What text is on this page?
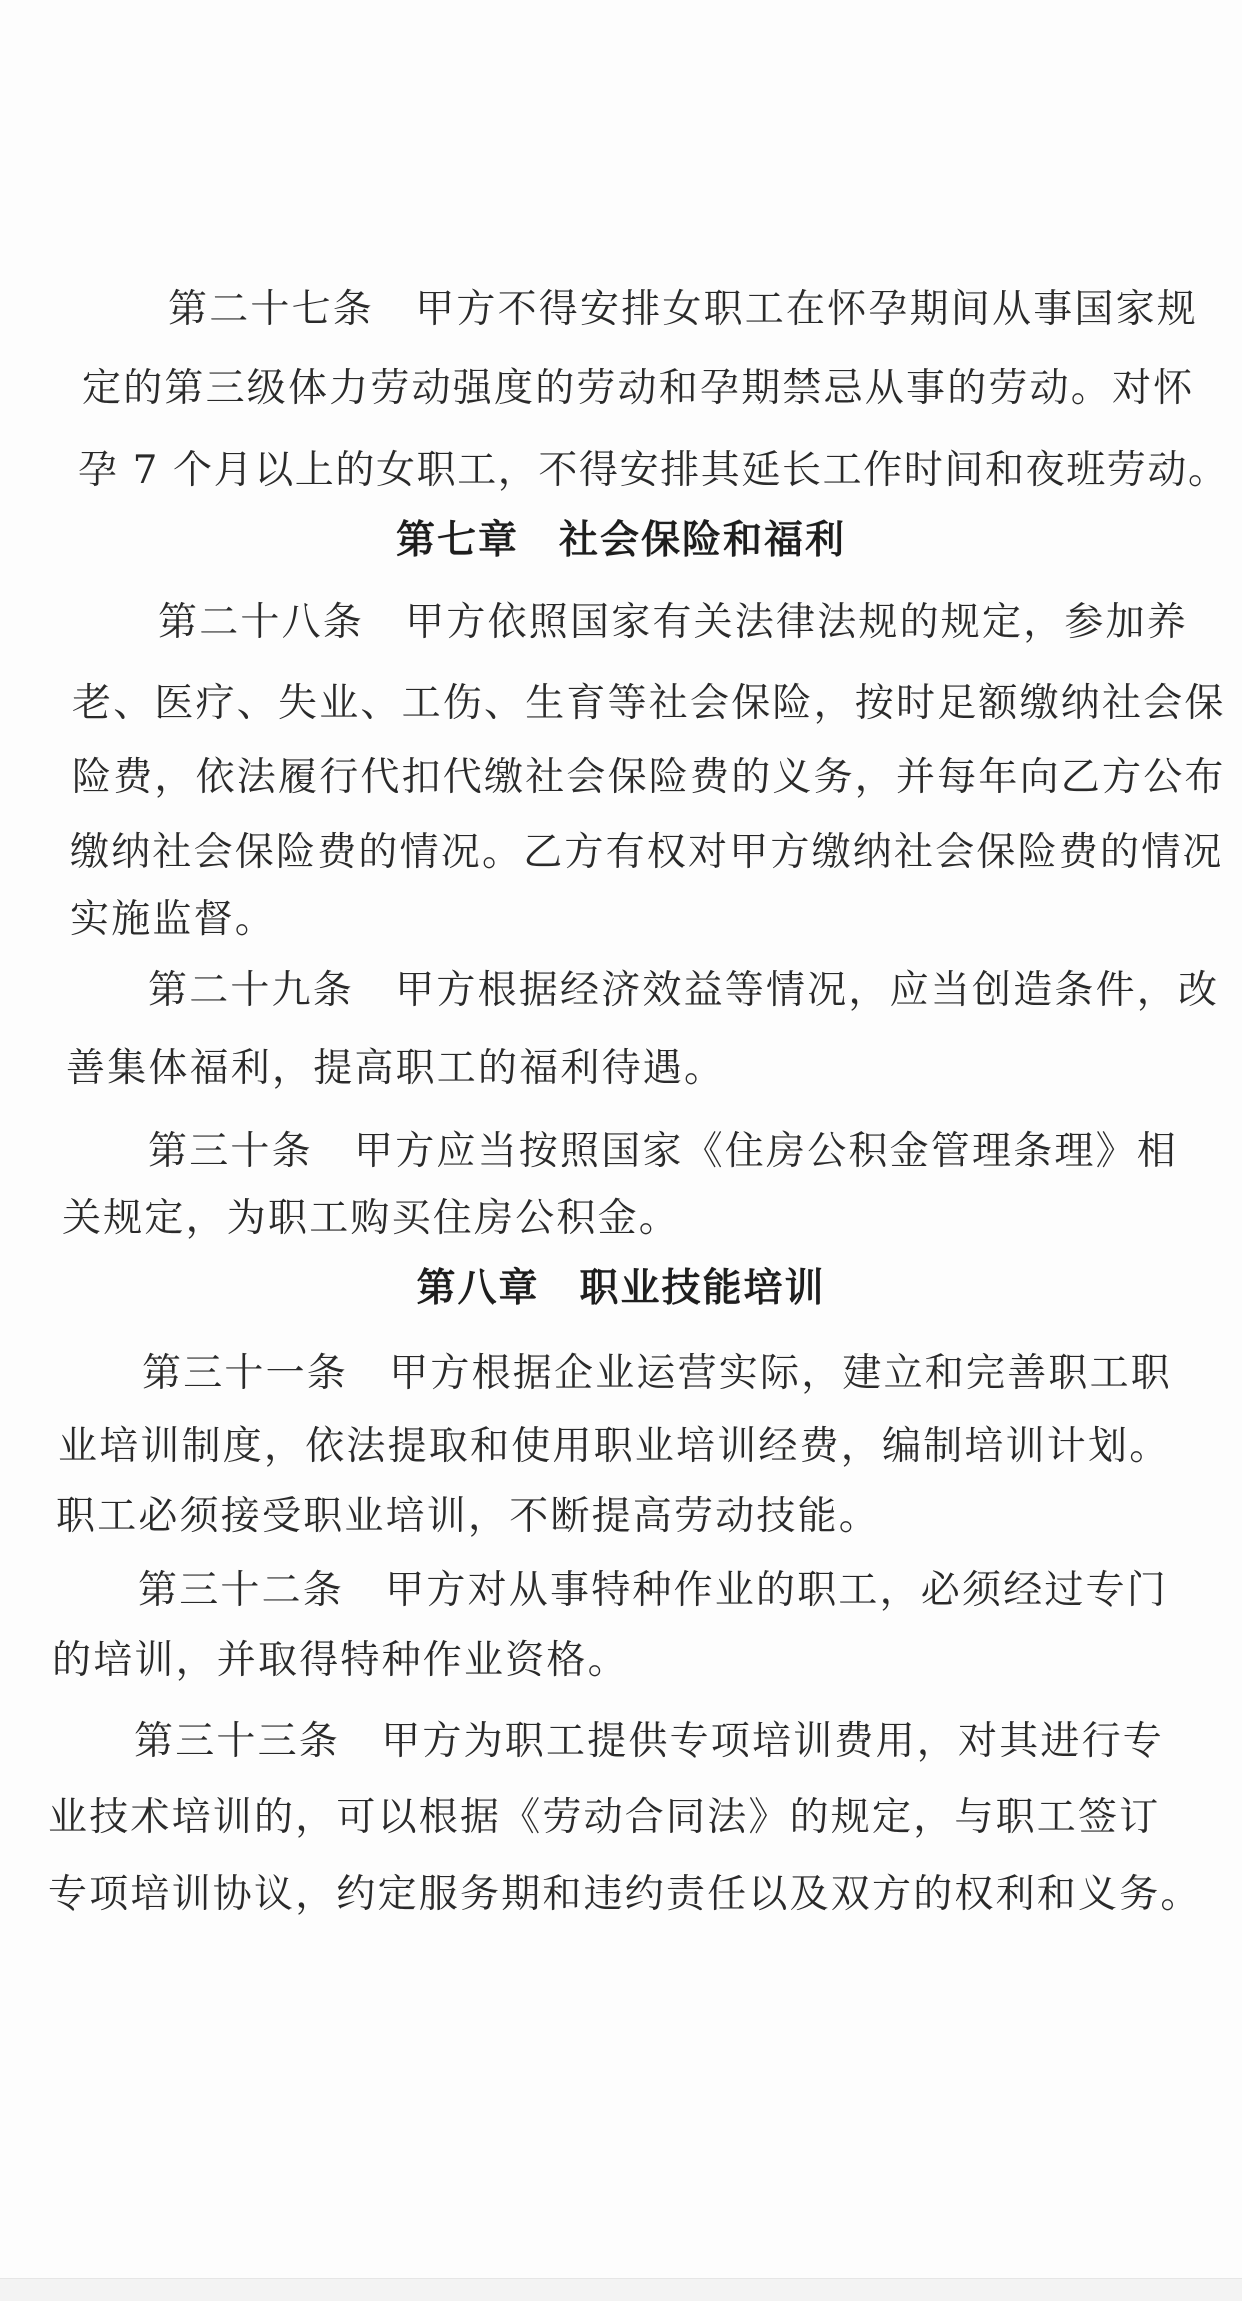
第二十七条　甲方不得安排女职工在怀孕期间从事国家规
定的第三级体力劳动强度的劳动和孕期禁忌从事的劳动。对怀
孕 7 个月以上的女职工，不得安排其延长工作时间和夜班劳动。
第七章 社会保险和福利
第二十八条　甲方依照国家有关法律法规的规定，参加养
老、医疗、失业、工伤、生育等社会保险，按时足额缴纳社会保
险费，依法履行代扣代缴社会保险费的义务，并每年向乙方公布
缴纳社会保险费的情况。乙方有权对甲方缴纳社会保险费的情况
实施监督。
第二十九条　甲方根据经济效益等情况，应当创造条件，改
善集体福利，提高职工的福利待遇。
第三十条　甲方应当按照国家《住房公积金管理条理》相
关规定，为职工购买住房公积金。
第八章 职业技能培训
第三十一条　甲方根据企业运营实际，建立和完善职工职
业培训制度，依法提取和使用职业培训经费，编制培训计划。
职工必须接受职业培训，不断提高劳动技能。
第三十二条　甲方对从事特种作业的职工，必须经过专门
的培训，并取得特种作业资格。
第三十三条　甲方为职工提供专项培训费用，对其进行专
业技术培训的，可以根据《劳动合同法》的规定，与职工签订
专项培训协议，约定服务期和违约责任以及双方的权利和义务。
